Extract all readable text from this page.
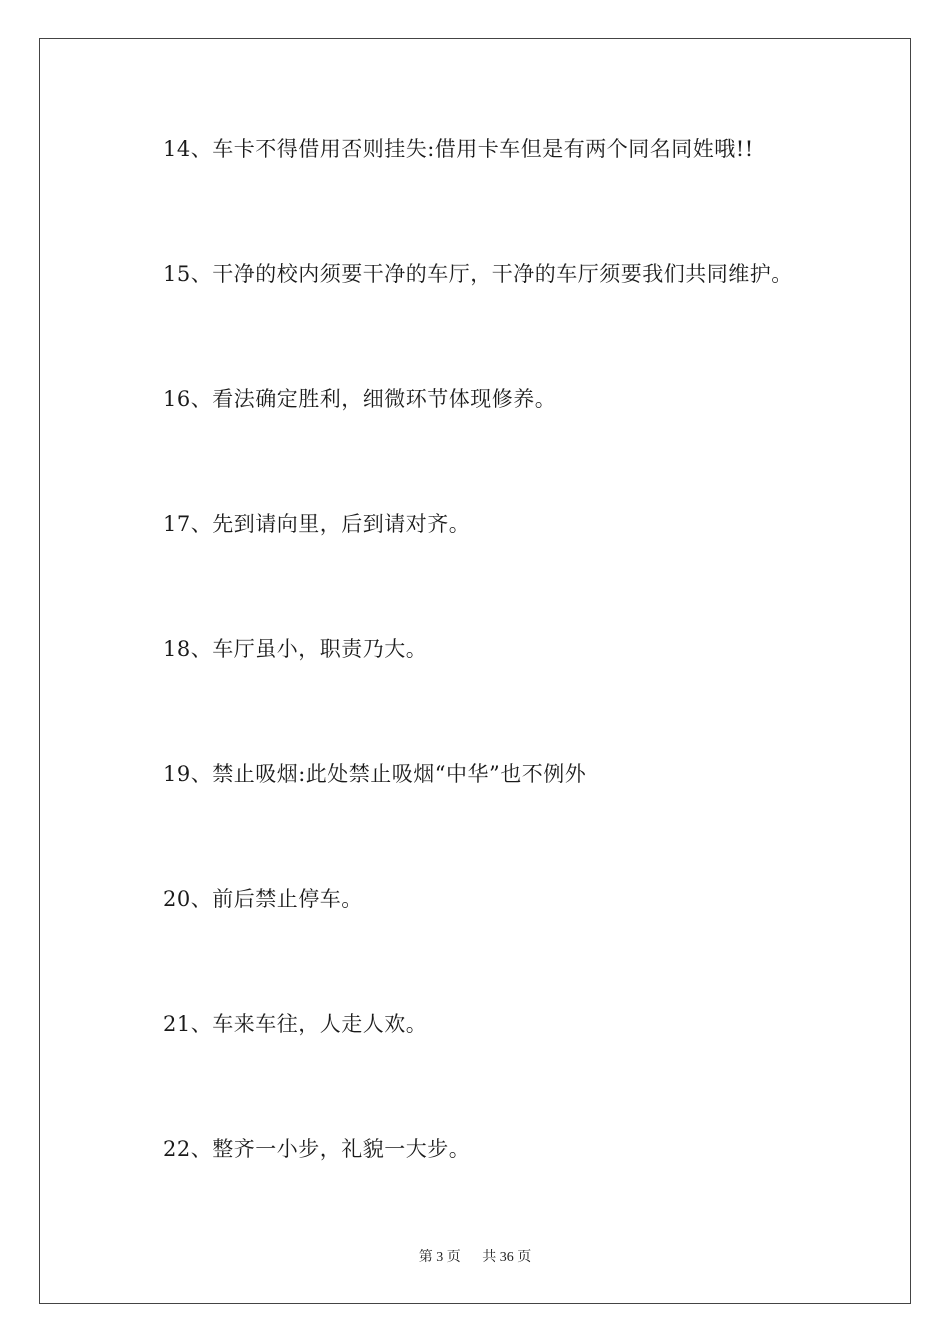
14、车卡不得借用否则挂失:借用卡车但是有两个同名同姓哦!!
15、干净的校内须要干净的车厅，干净的车厅须要我们共同维护。
16、看法确定胜利，细微环节体现修养。
17、先到请向里，后到请对齐。
18、车厅虽小，职责乃大。
19、禁止吸烟:此处禁止吸烟“中华”也不例外
20、前后禁止停车。
21、车来车往，人走人欢。
22、整齐一小步，礼貌一大步。
第 3 页 共 36 页
